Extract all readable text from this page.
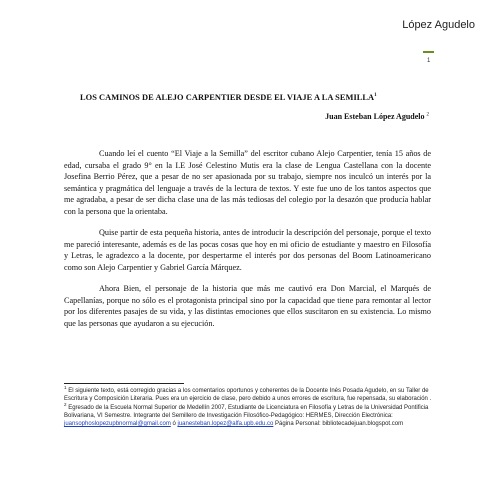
López Agudelo
1
LOS CAMINOS DE ALEJO CARPENTIER DESDE EL VIAJE A LA SEMILLA$^1$
Juan Esteban López Agudelo $^2$

Cuando leí el cuento “El Viaje a la Semilla” del escritor cubano Alejo Carpentier, tenía 15 años de edad, cursaba el grado 9° en la I.E José Celestino Mutis era la clase de Lengua Castellana con la docente Josefina Berrio Pérez, que a pesar de no ser apasionada por su trabajo, siempre nos inculcó un interés por la semántica y pragmática del lenguaje a través de la lectura de textos. Y este fue uno de los tantos aspectos que me agradaba, a pesar de ser dicha clase una de las más tediosas del colegio por la desazón que producía hablar con la persona que la orientaba.

Quise partir de esta pequeña historia, antes de introducir la descripción del personaje, porque el texto me pareció interesante, además es de las pocas cosas que hoy en mi oficio de estudiante y maestro en Filosofía y Letras, le agradezco a la docente, por despertarme el interés por dos personas del Boom Latinoamericano como son Alejo Carpentier y Gabriel García Márquez.

Ahora Bien, el personaje de la historia que más me cautivó era Don Marcial, el Marqués de Capellanías, porque no sólo es el protagonista principal sino por la capacidad que tiene para remontar al lector por los diferentes pasajes de su vida, y las distintas emociones que ellos suscitaron en su existencia. Lo mismo que las personas que ayudaron a su ejecución.

$^1$ El siguiente texto, está corregido gracias a los comentarios oportunos y coherentes de la Docente Inés Posada Agudelo, en su Taller de Escritura y Composición Literaria. Pues era un ejercicio de clase, pero debido a unos errores de escritura, fue repensada, su elaboración .

$^2$ Egresado de la Escuela Normal Superior de Medellín 2007, Estudiante de Licenciatura en Filosofía y Letras de la Universidad Pontificia Bolivariana, VI Semestre. Integrante del Semillero de Investigación Filosófico-Pedagógico: HERMES, Dirección Electrónica: juansophoslopezupbnormal@gmail.com ó juanesteban.lopez@alfa.upb.edu.co Página Personal: bibliotecadejuan.blogspot.com
